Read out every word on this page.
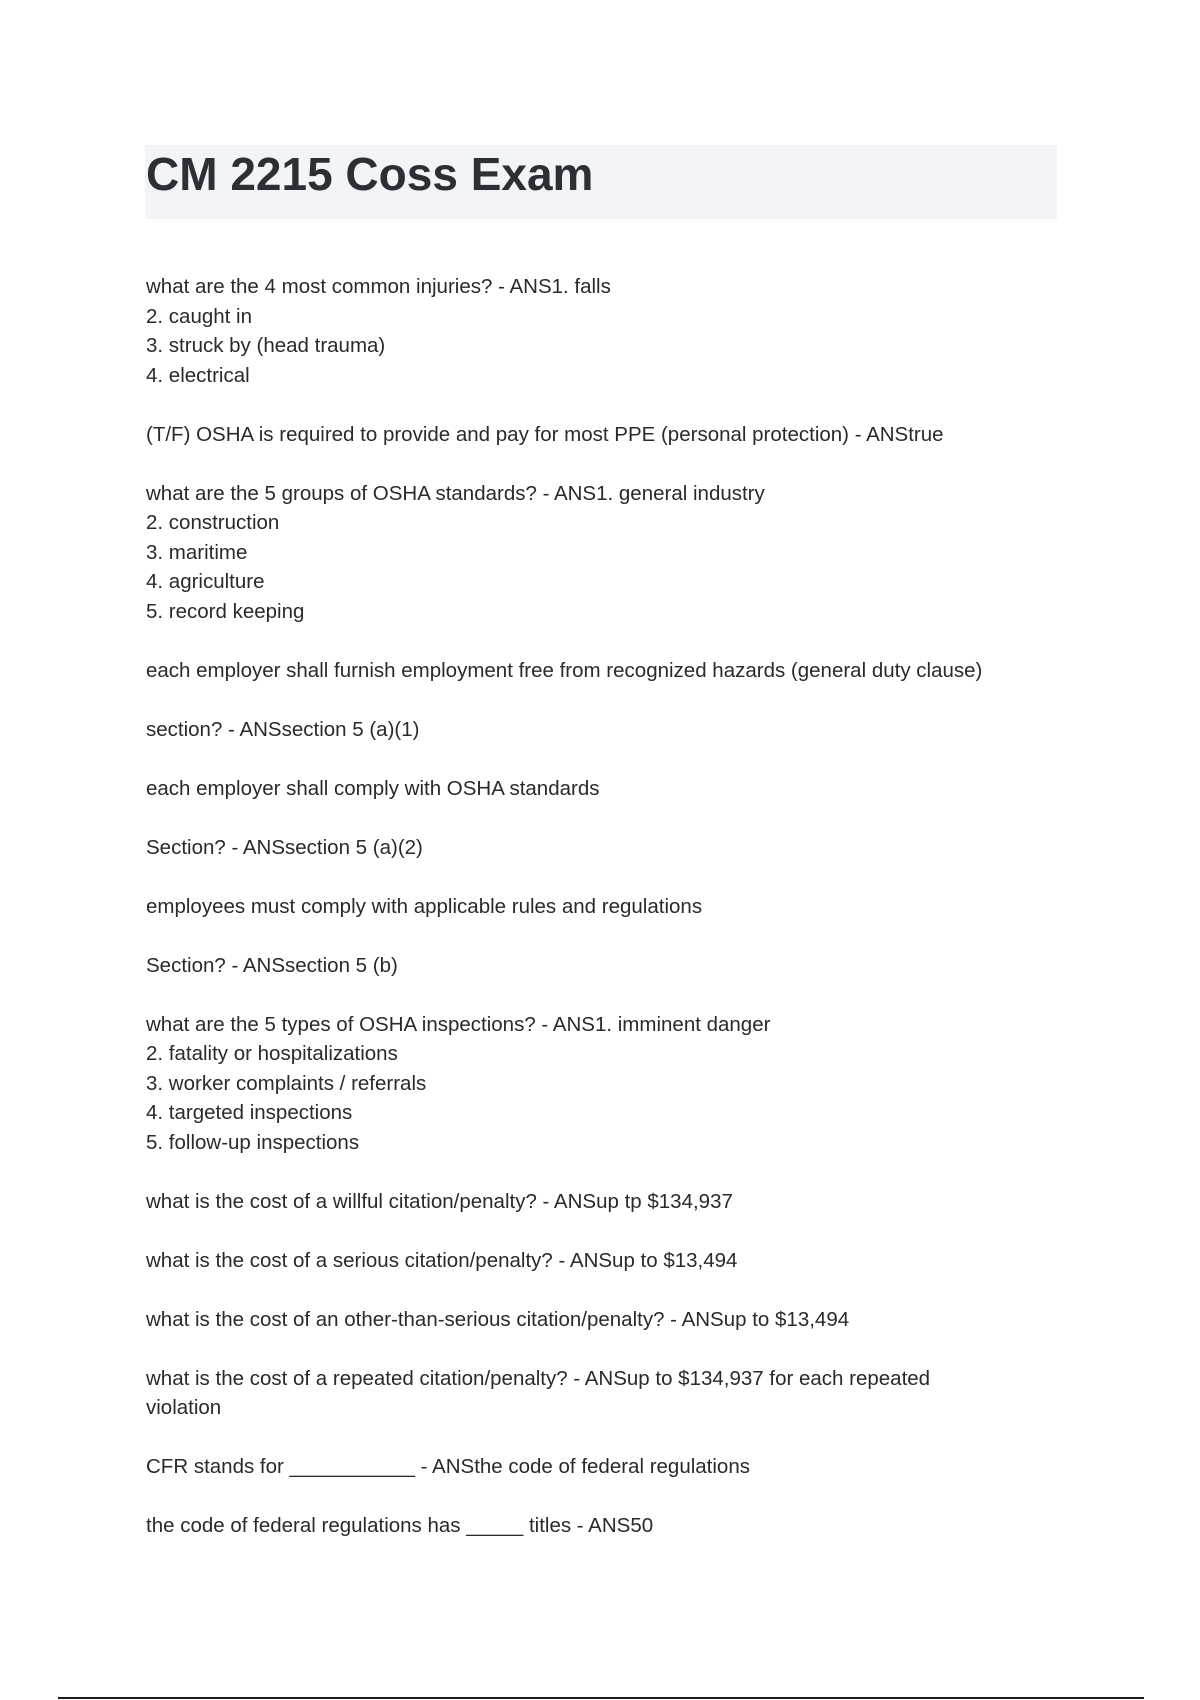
CM 2215 Coss Exam
what are the 4 most common injuries? - ANS1. falls
2. caught in
3. struck by (head trauma)
4. electrical
(T/F) OSHA is required to provide and pay for most PPE (personal protection) - ANStrue
what are the 5 groups of OSHA standards? - ANS1. general industry
2. construction
3. maritime
4. agriculture
5. record keeping
each employer shall furnish employment free from recognized hazards (general duty clause)
section? - ANSsection 5 (a)(1)
each employer shall comply with OSHA standards
Section? - ANSsection 5 (a)(2)
employees must comply with applicable rules and regulations
Section? - ANSsection 5 (b)
what are the 5 types of OSHA inspections? - ANS1. imminent danger
2. fatality or hospitalizations
3. worker complaints / referrals
4. targeted inspections
5. follow-up inspections
what is the cost of a willful citation/penalty? - ANSup tp $134,937
what is the cost of a serious citation/penalty? - ANSup to $13,494
what is the cost of an other-than-serious citation/penalty? - ANSup to $13,494
what is the cost of a repeated citation/penalty? - ANSup to $134,937 for each repeated
violation
CFR stands for ___________ - ANSthe code of federal regulations
the code of federal regulations has _____ titles - ANS50
